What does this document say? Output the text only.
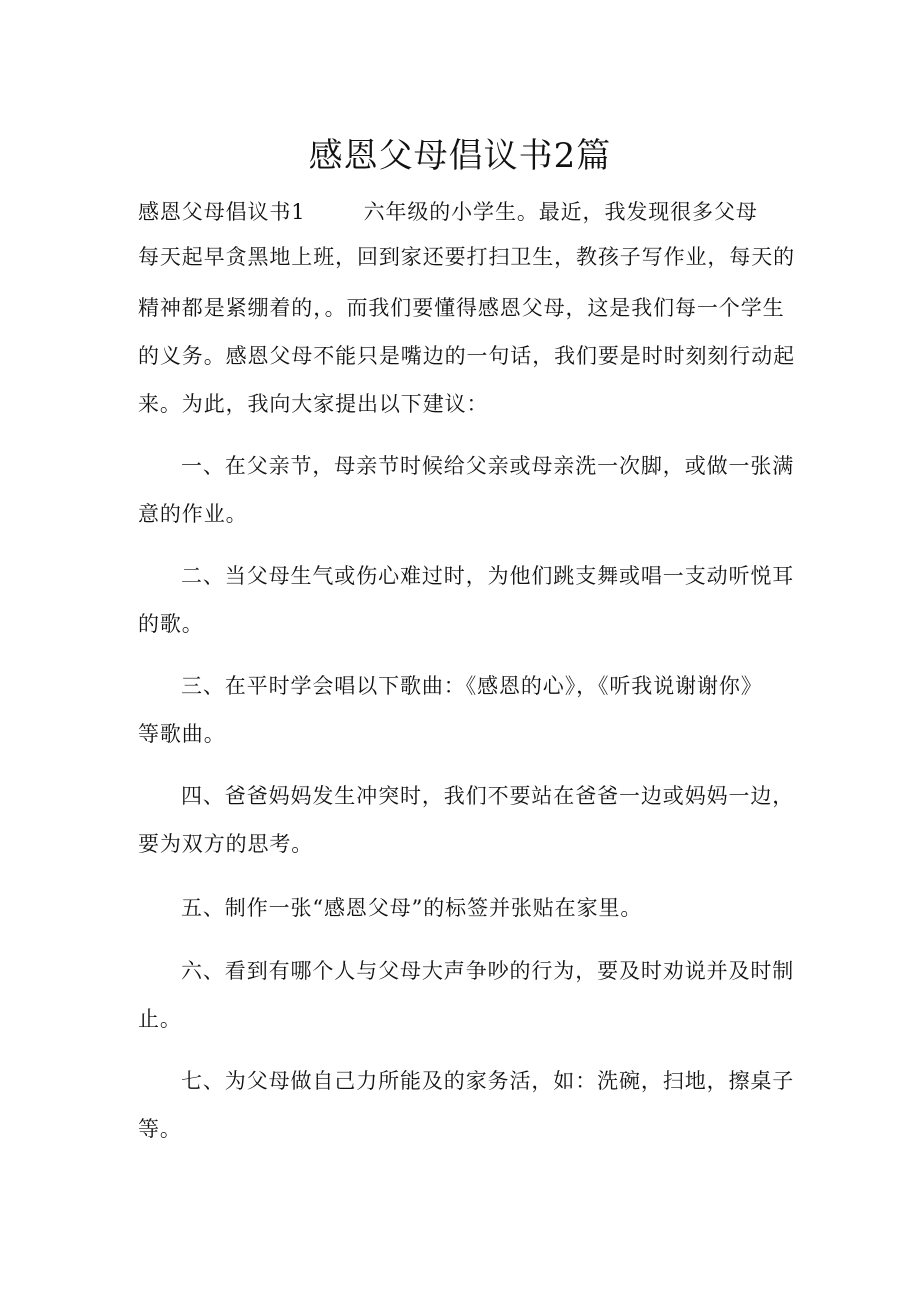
感恩父母倡议书2篇
感恩父母倡议书1	六年级的小学生。最近，我发现很多父母
每天起早贪黑地上班，回到家还要打扫卫生，教孩子写作业，每天的
精神都是紧绷着的，。而我们要懂得感恩父母，这是我们每一个学生
的义务。感恩父母不能只是嘴边的一句话，我们要是时时刻刻行动起
来。为此，我向大家提出以下建议：
一、在父亲节，母亲节时候给父亲或母亲洗一次脚，或做一张满
意的作业。
二、当父母生气或伤心难过时，为他们跳支舞或唱一支动听悦耳
的歌。
三、在平时学会唱以下歌曲：《感恩的心》，《听我说谢谢你》
等歌曲。
四、爸爸妈妈发生冲突时，我们不要站在爸爸一边或妈妈一边，
要为双方的思考。
五、制作一张“感恩父母”的标签并张贴在家里。
六、看到有哪个人与父母大声争吵的行为，要及时劝说并及时制
止。
七、为父母做自己力所能及的家务活，如：洗碗，扫地，擦桌子
等。
